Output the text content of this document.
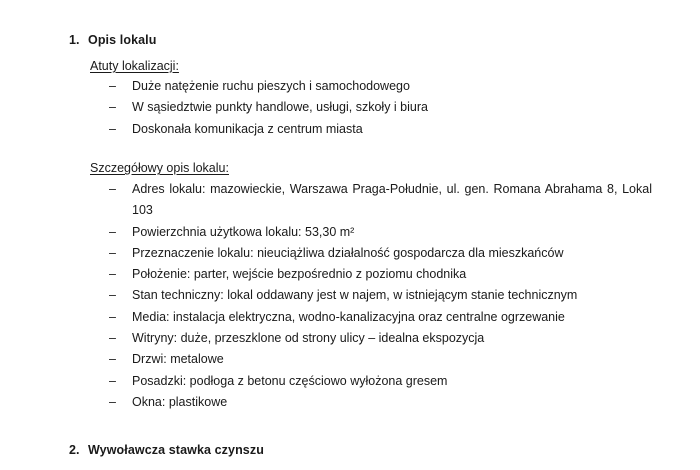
1. Opis lokalu
Atuty lokalizacji:
– Duże natężenie ruchu pieszych i samochodowego
– W sąsiedztwie punkty handlowe, usługi, szkoły i biura
– Doskonała komunikacja z centrum miasta
Szczegółowy opis lokalu:
– Adres lokalu: mazowieckie, Warszawa Praga-Południe, ul. gen. Romana Abrahama 8, Lokal 103
– Powierzchnia użytkowa lokalu: 53,30 m²
– Przeznaczenie lokalu: nieuciążliwa działalność gospodarcza dla mieszkańców
– Położenie: parter, wejście bezpośrednio z poziomu chodnika
– Stan techniczny: lokal oddawany jest w najem, w istniejącym stanie technicznym
– Media: instalacja elektryczna, wodno-kanalizacyjna oraz centralne ogrzewanie
– Witryny: duże, przeszklone od strony ulicy – idealna ekspozycja
– Drzwi: metalowe
– Posadzki: podłoga z betonu częściowo wyłożona gresem
– Okna: plastikowe
2. Wywoławcza stawka czynszu
